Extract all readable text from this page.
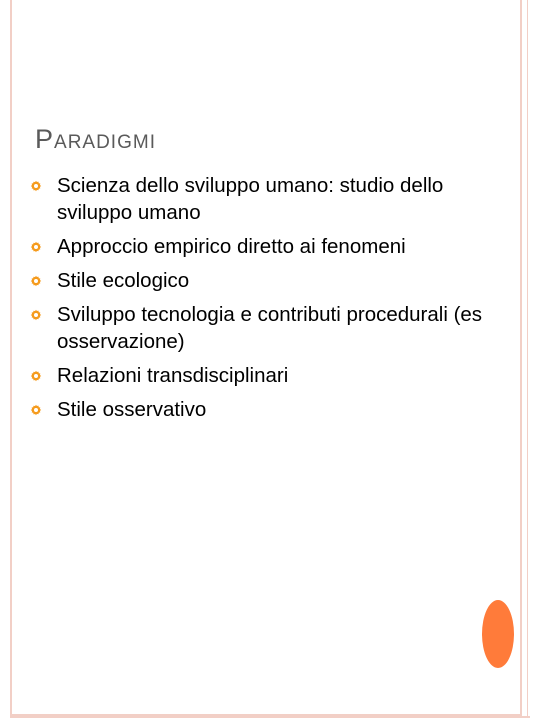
PARADIGMI
Scienza dello sviluppo umano: studio dello sviluppo umano
Approccio empirico diretto ai fenomeni
Stile ecologico
Sviluppo tecnologia e contributi procedurali (es osservazione)
Relazioni transdisciplinari
Stile osservativo
